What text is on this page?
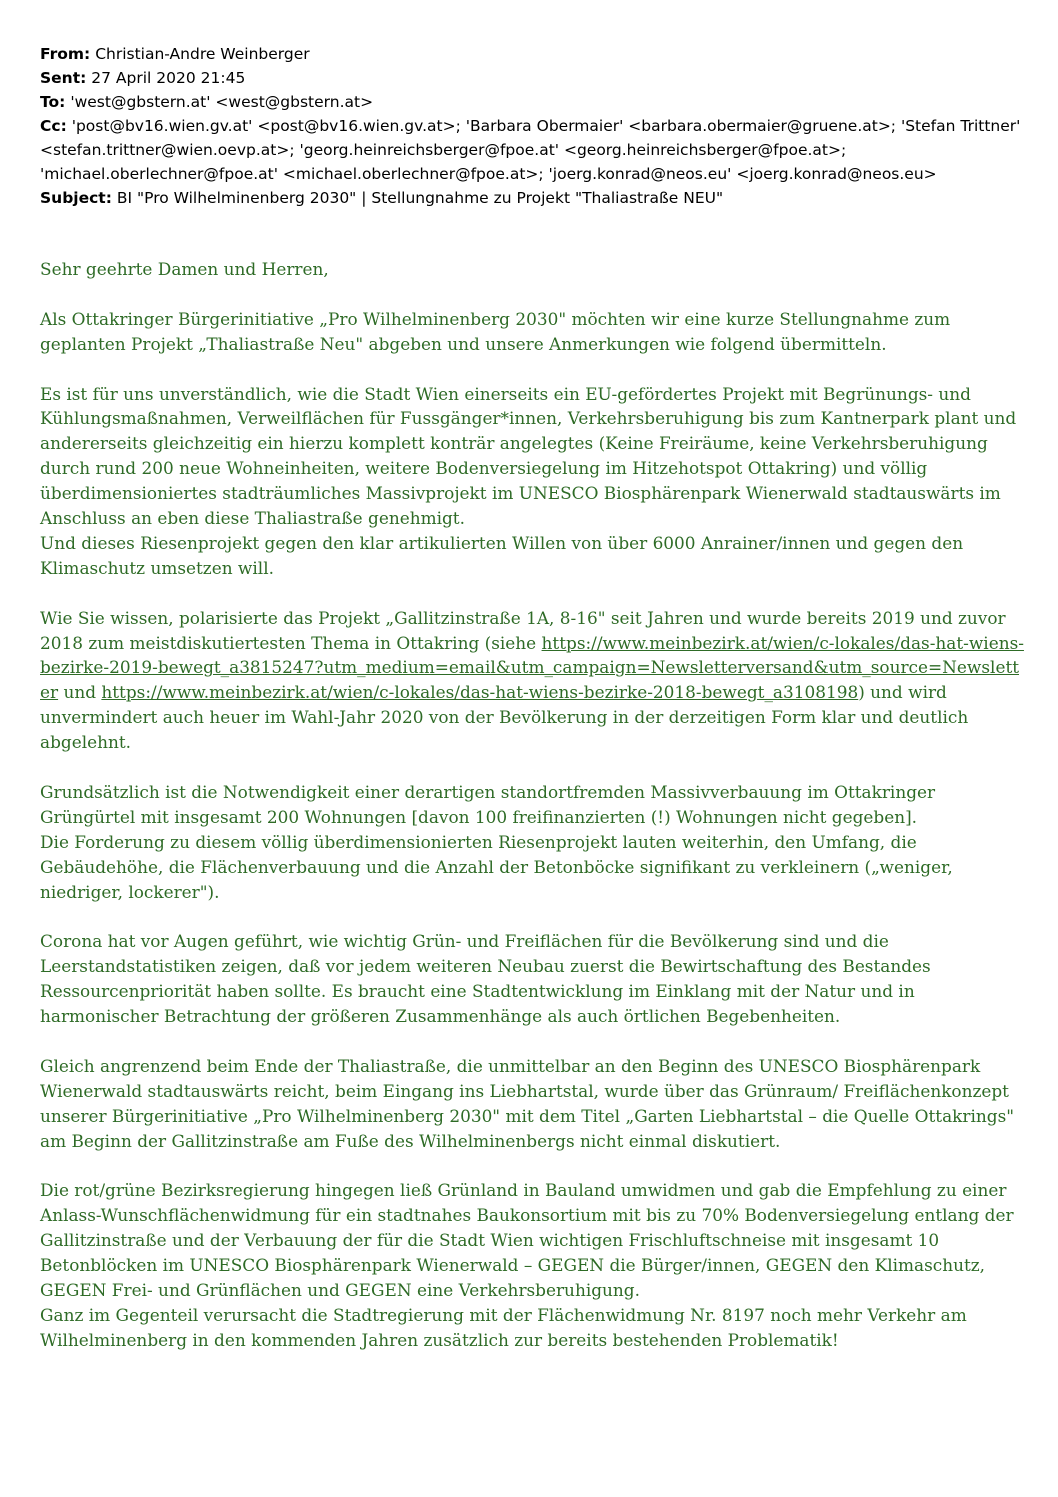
From: Christian-Andre Weinberger
Sent: 27 April 2020 21:45
To: 'west@gbstern.at' <west@gbstern.at>
Cc: 'post@bv16.wien.gv.at' <post@bv16.wien.gv.at>; 'Barbara Obermaier' <barbara.obermaier@gruene.at>; 'Stefan Trittner' <stefan.trittner@wien.oevp.at>; 'georg.heinreichsberger@fpoe.at' <georg.heinreichsberger@fpoe.at>; 'michael.oberlechner@fpoe.at' <michael.oberlechner@fpoe.at>; 'joerg.konrad@neos.eu' <joerg.konrad@neos.eu>
Subject: BI "Pro Wilhelminenberg 2030" | Stellungnahme zu Projekt "Thaliastraße NEU"

Sehr geehrte Damen und Herren,

Als Ottakringer Bürgerinitiative „Pro Wilhelminenberg 2030" möchten wir eine kurze Stellungnahme zum geplanten Projekt „Thaliastraße Neu" abgeben und unsere Anmerkungen wie folgend übermitteln.

Es ist für uns unverständlich, wie die Stadt Wien einerseits ein EU-gefördertes Projekt mit Begrünungs- und Kühlungsmaßnahmen, Verweilflächen für Fussgänger*innen, Verkehrsberuhigung bis zum Kantnerpark plant und andererseits gleichzeitig ein hierzu komplett konträr angelegtes (Keine Freiräume, keine Verkehrsberuhigung durch rund 200 neue Wohneinheiten, weitere Bodenversiegelung im Hitzehotspot Ottakring) und völlig überdimensioniertes stadträumliches Massivprojekt im UNESCO Biosphärenpark Wienerwald stadtauswärts im Anschluss an eben diese Thaliastraße genehmigt.
Und dieses Riesenprojekt gegen den klar artikulierten Willen von über 6000 Anrainer/innen und gegen den Klimaschutz umsetzen will.

Wie Sie wissen, polarisierte das Projekt „Gallitzinstraße 1A, 8-16" seit Jahren und wurde bereits 2019 und zuvor 2018 zum meistdiskutiertesten Thema in Ottakring (siehe https://www.meinbezirk.at/wien/c-lokales/das-hat-wiens-bezirke-2019-bewegt_a3815247?utm_medium=email&utm_campaign=Newsletterversand&utm_source=Newsletter und https://www.meinbezirk.at/wien/c-lokales/das-hat-wiens-bezirke-2018-bewegt_a3108198) und wird unvermindert auch heuer im Wahl-Jahr 2020 von der Bevölkerung in der derzeitigen Form klar und deutlich abgelehnt.

Grundsätzlich ist die Notwendigkeit einer derartigen standortfremden Massivverbauung im Ottakringer Grüngürtel mit insgesamt 200 Wohnungen [davon 100 freifinanzierten (!) Wohnungen nicht gegeben].
Die Forderung zu diesem völlig überdimensionierten Riesenprojekt lauten weiterhin, den Umfang, die Gebäudehöhe, die Flächenverbauung und die Anzahl der Betonböcke signifikant zu verkleinern („weniger, niedriger, lockerer").

Corona hat vor Augen geführt, wie wichtig Grün- und Freiflächen für die Bevölkerung sind und die Leerstandstatistiken zeigen, daß vor jedem weiteren Neubau zuerst die Bewirtschaftung des Bestandes Ressourcenpriorität haben sollte. Es braucht eine Stadtentwicklung im Einklang mit der Natur und in harmonischer Betrachtung der größeren Zusammenhänge als auch örtlichen Begebenheiten.

Gleich angrenzend beim Ende der Thaliastraße, die unmittelbar an den Beginn des UNESCO Biosphärenpark Wienerwald stadtauswärts reicht, beim Eingang ins Liebhartstal, wurde über das Grünraum/ Freiflächenkonzept unserer Bürgerinitiative „Pro Wilhelminenberg 2030" mit dem Titel „Garten Liebhartstal – die Quelle Ottakrings" am Beginn der Gallitzinstraße am Fuße des Wilhelminenbergs nicht einmal diskutiert.

Die rot/grüne Bezirksregierung hingegen ließ Grünland in Bauland umwidmen und gab die Empfehlung zu einer Anlass-Wunschflächenwidmung für ein stadtnahes Baukonsortium mit bis zu 70% Bodenversiegelung entlang der Gallitzinstraße und der Verbauung der für die Stadt Wien wichtigen Frischluftschneise mit insgesamt 10 Betonblöcken im UNESCO Biosphärenpark Wienerwald – GEGEN die Bürger/innen, GEGEN den Klimaschutz, GEGEN Frei- und Grünflächen und GEGEN eine Verkehrsberuhigung.
Ganz im Gegenteil verursacht die Stadtregierung mit der Flächenwidmung Nr. 8197 noch mehr Verkehr am Wilhelminenberg in den kommenden Jahren zusätzlich zur bereits bestehenden Problematik!
